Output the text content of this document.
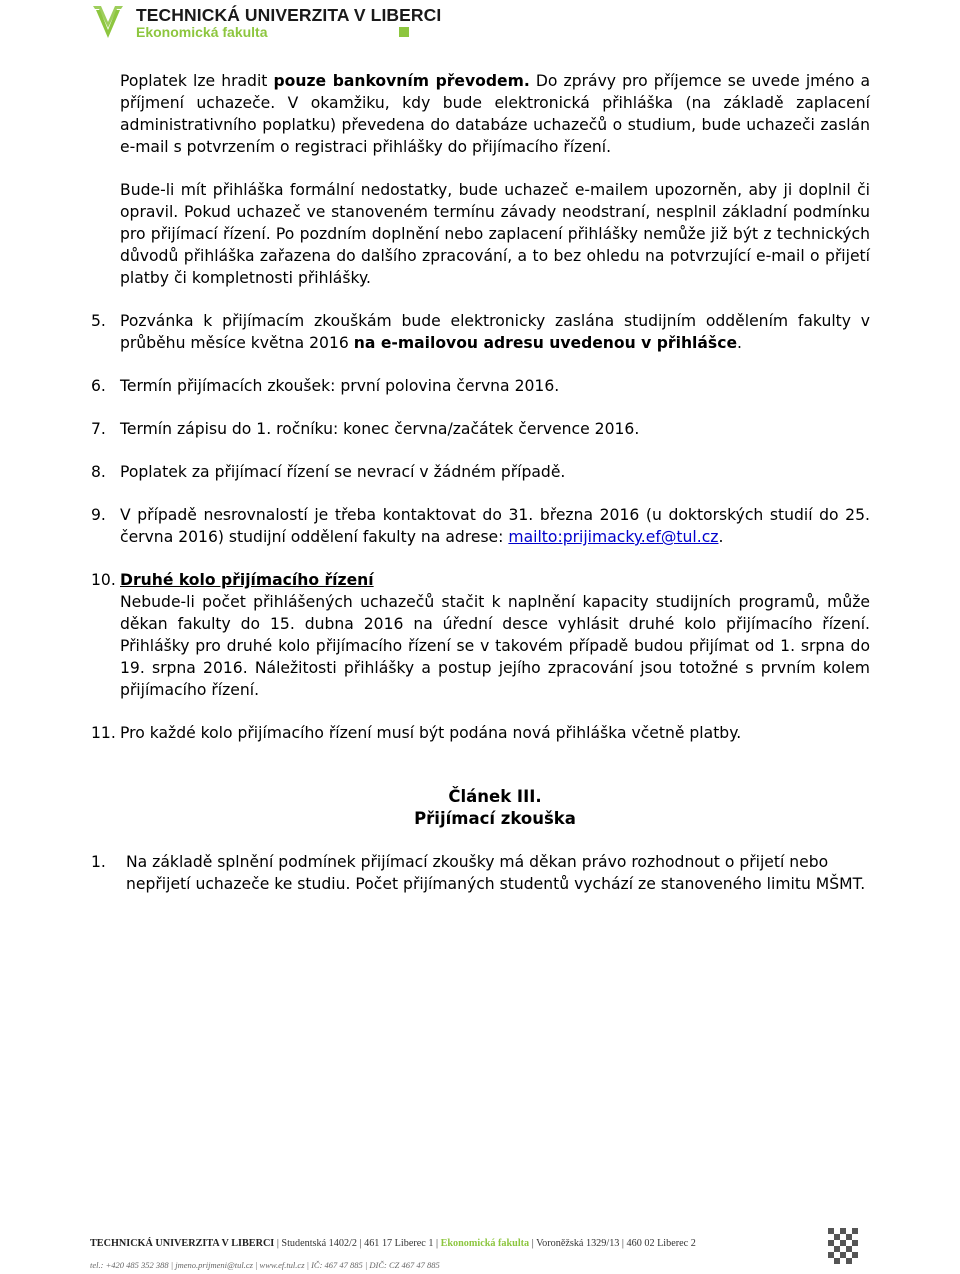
TECHNICKÁ UNIVERZITA V LIBERCI
Ekonomická fakulta

Poplatek lze hradit pouze bankovním převodem. Do zprávy pro příjemce se uvede jméno a příjmení uchazeče. V okamžiku, kdy bude elektronická přihláška (na základě zaplacení administrativního poplatku) převedena do databáze uchazečů o studium, bude uchazeči zaslán e-mail s potvrzením o registraci přihlášky do přijímacího řízení.

Bude-li mít přihláška formální nedostatky, bude uchazeč e-mailem upozorněn, aby ji doplnil či opravil. Pokud uchazeč ve stanoveném termínu závady neodstraní, nesplnil základní podmínku pro přijímací řízení. Po pozdním doplnění nebo zaplacení přihlášky nemůže již být z technických důvodů přihláška zařazena do dalšího zpracování, a to bez ohledu na potvrzující e-mail o přijetí platby či kompletnosti přihlášky.

5. Pozvánka k přijímacím zkouškám bude elektronicky zaslána studijním oddělením fakulty v průběhu měsíce května 2016 na e-mailovou adresu uvedenou v přihlášce.

6. Termín přijímacích zkoušek: první polovina června 2016.

7. Termín zápisu do 1. ročníku: konec června/začátek července 2016.

8. Poplatek za přijímací řízení se nevrací v žádném případě.

9. V případě nesrovnalostí je třeba kontaktovat do 31. března 2016 (u doktorských studií do 25. června 2016) studijní oddělení fakulty na adrese: mailto:prijimacky.ef@tul.cz.

10. Druhé kolo přijímacího řízení

Nebude-li počet přihlášených uchazečů stačit k naplnění kapacity studijních programů, může děkan fakulty do 15. dubna 2016 na úřední desce vyhlásit druhé kolo přijímacího řízení. Přihlášky pro druhé kolo přijímacího řízení se v takovém případě budou přijímat od 1. srpna do 19. srpna 2016. Náležitosti přihlášky a postup jejího zpracování jsou totožné s prvním kolem přijímacího řízení.

11. Pro každé kolo přijímacího řízení musí být podána nová přihláška včetně platby.

Článek III.

Přijímací zkouška

1. Na základě splnění podmínek přijímací zkoušky má děkan právo rozhodnout o přijetí nebo nepřijetí uchazeče ke studiu. Počet přijímaných studentů vychází ze stanoveného limitu MŠMT.

TECHNICKÁ UNIVERZITA V LIBERCI | Studentská 1402/2 | 461 17 Liberec 1 | Ekonomická fakulta | Voroněžská 1329/13 | 460 02 Liberec 2
tel.: +420 485 352 388 | jmeno.prijmeni@tul.cz | www.ef.tul.cz | IČ: 467 47 885 | DIČ: CZ 467 47 885
